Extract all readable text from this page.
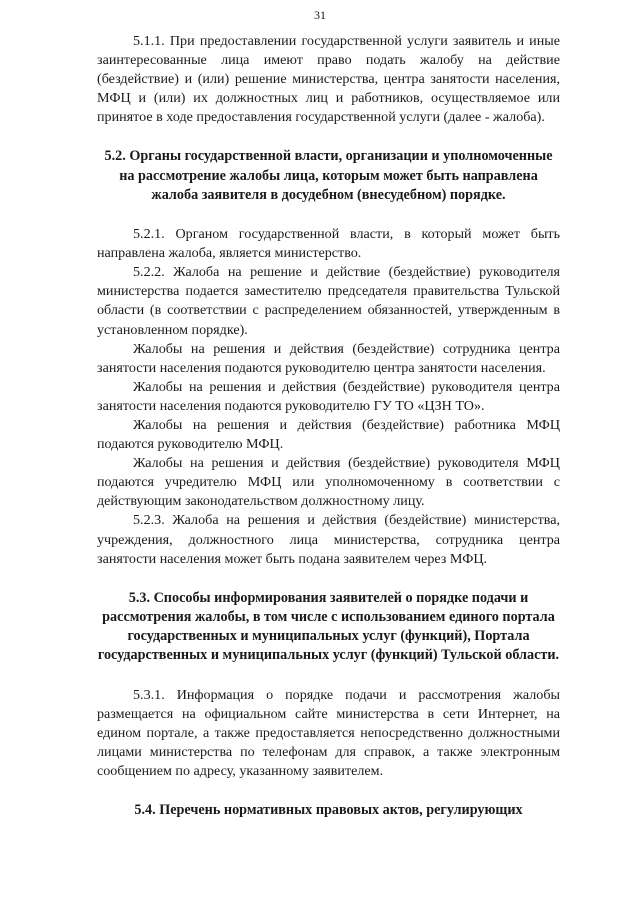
31

5.1.1. При предоставлении государственной услуги заявитель и иные заинтересованные лица имеют право подать жалобу на действие (бездействие) и (или) решение министерства, центра занятости населения, МФЦ и (или) их должностных лиц и работников, осуществляемое или принятое в ходе предоставления государственной услуги (далее - жалоба).

5.2. Органы государственной власти, организации и уполномоченные на рассмотрение жалобы лица, которым может быть направлена жалоба заявителя в досудебном (внесудебном) порядке.

5.2.1. Органом государственной власти, в который может быть направлена жалоба, является министерство.

5.2.2. Жалоба на решение и действие (бездействие) руководителя министерства подается заместителю председателя правительства Тульской области (в соответствии с распределением обязанностей, утвержденным в установленном порядке).

Жалобы на решения и действия (бездействие) сотрудника центра занятости населения подаются руководителю центра занятости населения.

Жалобы на решения и действия (бездействие) руководителя центра занятости населения подаются руководителю ГУ ТО «ЦЗН ТО».

Жалобы на решения и действия (бездействие) работника МФЦ подаются руководителю МФЦ.

Жалобы на решения и действия (бездействие) руководителя МФЦ подаются учредителю МФЦ или уполномоченному в соответствии с действующим законодательством должностному лицу.

5.2.3. Жалоба на решения и действия (бездействие) министерства, учреждения, должностного лица министерства, сотрудника центра занятости населения может быть подана заявителем через МФЦ.

5.3. Способы информирования заявителей о порядке подачи и рассмотрения жалобы, в том числе с использованием единого портала государственных и муниципальных услуг (функций), Портала государственных и муниципальных услуг (функций) Тульской области.

5.3.1. Информация о порядке подачи и рассмотрения жалобы размещается на официальном сайте министерства в сети Интернет, на едином портале, а также предоставляется непосредственно должностными лицами министерства по телефонам для справок, а также электронным сообщением по адресу, указанному заявителем.

5.4. Перечень нормативных правовых актов, регулирующих
